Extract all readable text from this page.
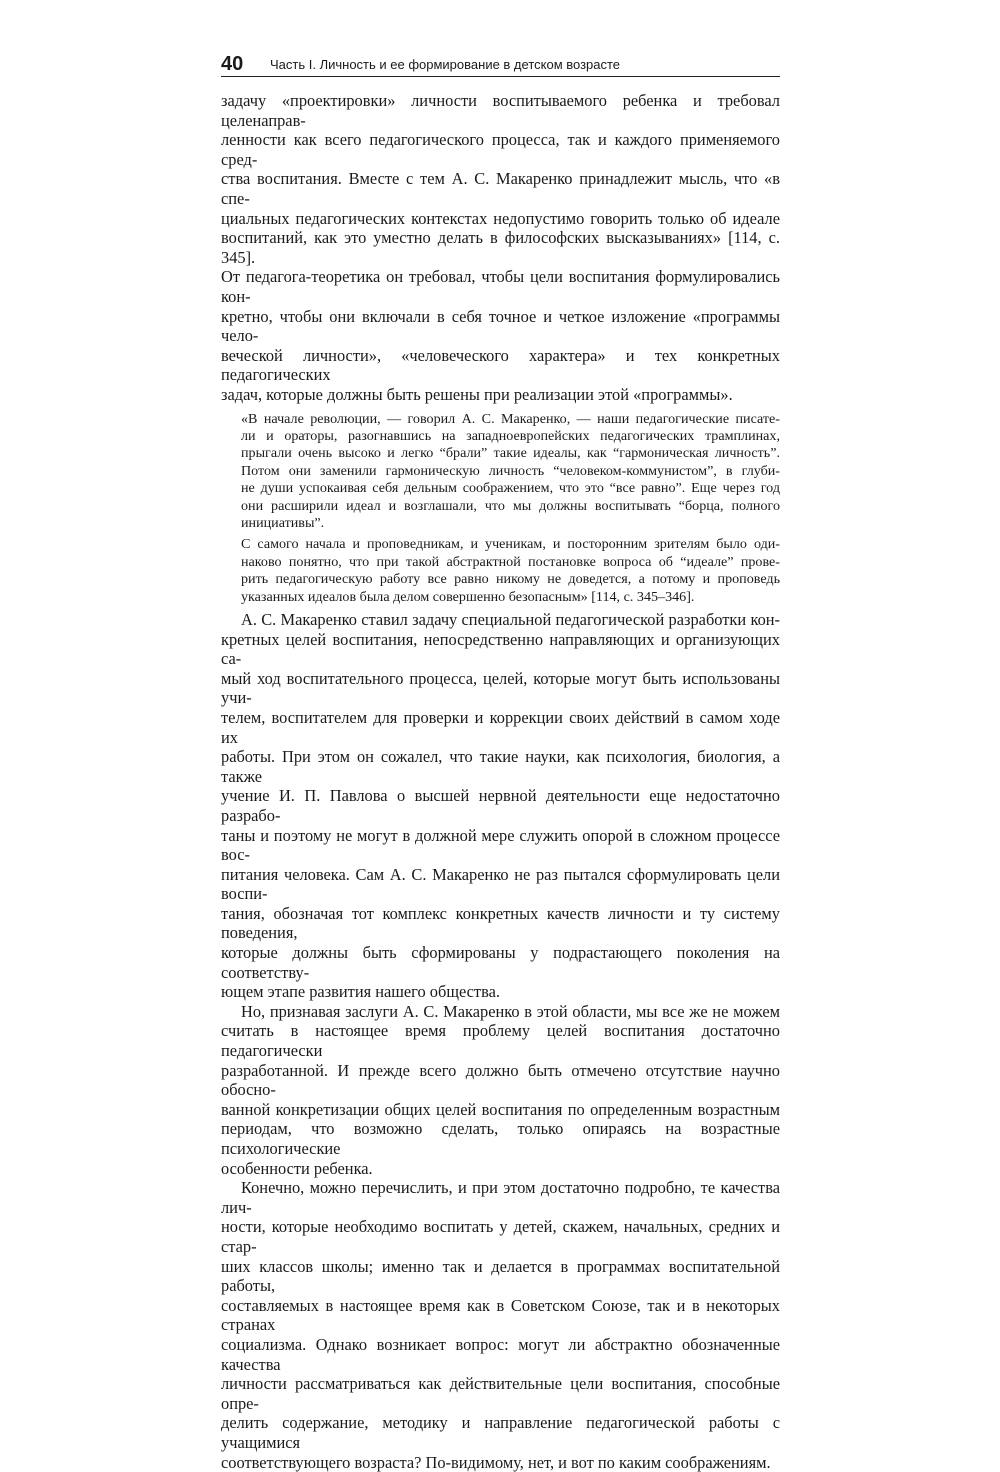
40 Часть I. Личность и ее формирование в детском возрасте
задачу «проектировки» личности воспитываемого ребенка и требовал целенаправ-
ленности как всего педагогического процесса, так и каждого применяемого сред-
ства воспитания. Вместе с тем А. С. Макаренко принадлежит мысль, что «в спе-
циальных педагогических контекстах недопустимо говорить только об идеале
воспитаний, как это уместно делать в философских высказываниях» [114, с. 345].
От педагога-теоретика он требовал, чтобы цели воспитания формулировались кон-
кретно, чтобы они включали в себя точное и четкое изложение «программы чело-
веческой личности», «человеческого характера» и тех конкретных педагогических
задач, которые должны быть решены при реализации этой «программы».
«В начале революции, — говорил А. С. Макаренко, — наши педагогические писате-
ли и ораторы, разогнавшись на западноевропейских педагогических трамплинах,
прыгали очень высоко и легко “брали” такие идеалы, как “гармоническая личность”.
Потом они заменили гармоническую личность “человеком-коммунистом”, в глуби-
не души успокаивая себя дельным соображением, что это “все равно”. Еще через год
они расширили идеал и возглашали, что мы должны воспитывать “борца, полного
инициативы”.
С самого начала и проповедникам, и ученикам, и посторонним зрителям было оди-
наково понятно, что при такой абстрактной постановке вопроса об “идеале” прове-
рить педагогическую работу все равно никому не доведется, а потому и проповедь
указанных идеалов была делом совершенно безопасным» [114, с. 345–346].
А. С. Макаренко ставил задачу специальной педагогической разработки кон-
кретных целей воспитания, непосредственно направляющих и организующих са-
мый ход воспитательного процесса, целей, которые могут быть использованы учи-
телем, воспитателем для проверки и коррекции своих действий в самом ходе их
работы. При этом он сожалел, что такие науки, как психология, биология, а также
учение И. П. Павлова о высшей нервной деятельности еще недостаточно разрабо-
таны и поэтому не могут в должной мере служить опорой в сложном процессе вос-
питания человека. Сам А. С. Макаренко не раз пытался сформулировать цели воспи-
тания, обозначая тот комплекс конкретных качеств личности и ту систему поведения,
которые должны быть сформированы у подрастающего поколения на соответству-
ющем этапе развития нашего общества.
Но, признавая заслуги А. С. Макаренко в этой области, мы все же не можем
считать в настоящее время проблему целей воспитания достаточно педагогически
разработанной. И прежде всего должно быть отмечено отсутствие научно обосно-
ванной конкретизации общих целей воспитания по определенным возрастным
периодам, что возможно сделать, только опираясь на возрастные психологические
особенности ребенка.
Конечно, можно перечислить, и при этом достаточно подробно, те качества лич-
ности, которые необходимо воспитать у детей, скажем, начальных, средних и стар-
ших классов школы; именно так и делается в программах воспитательной работы,
составляемых в настоящее время как в Советском Союзе, так и в некоторых странах
социализма. Однако возникает вопрос: могут ли абстрактно обозначенные качества
личности рассматриваться как действительные цели воспитания, способные опре-
делить содержание, методику и направление педагогической работы с учащимися
соответствующего возраста? По-видимому, нет, и вот по каким соображениям.
